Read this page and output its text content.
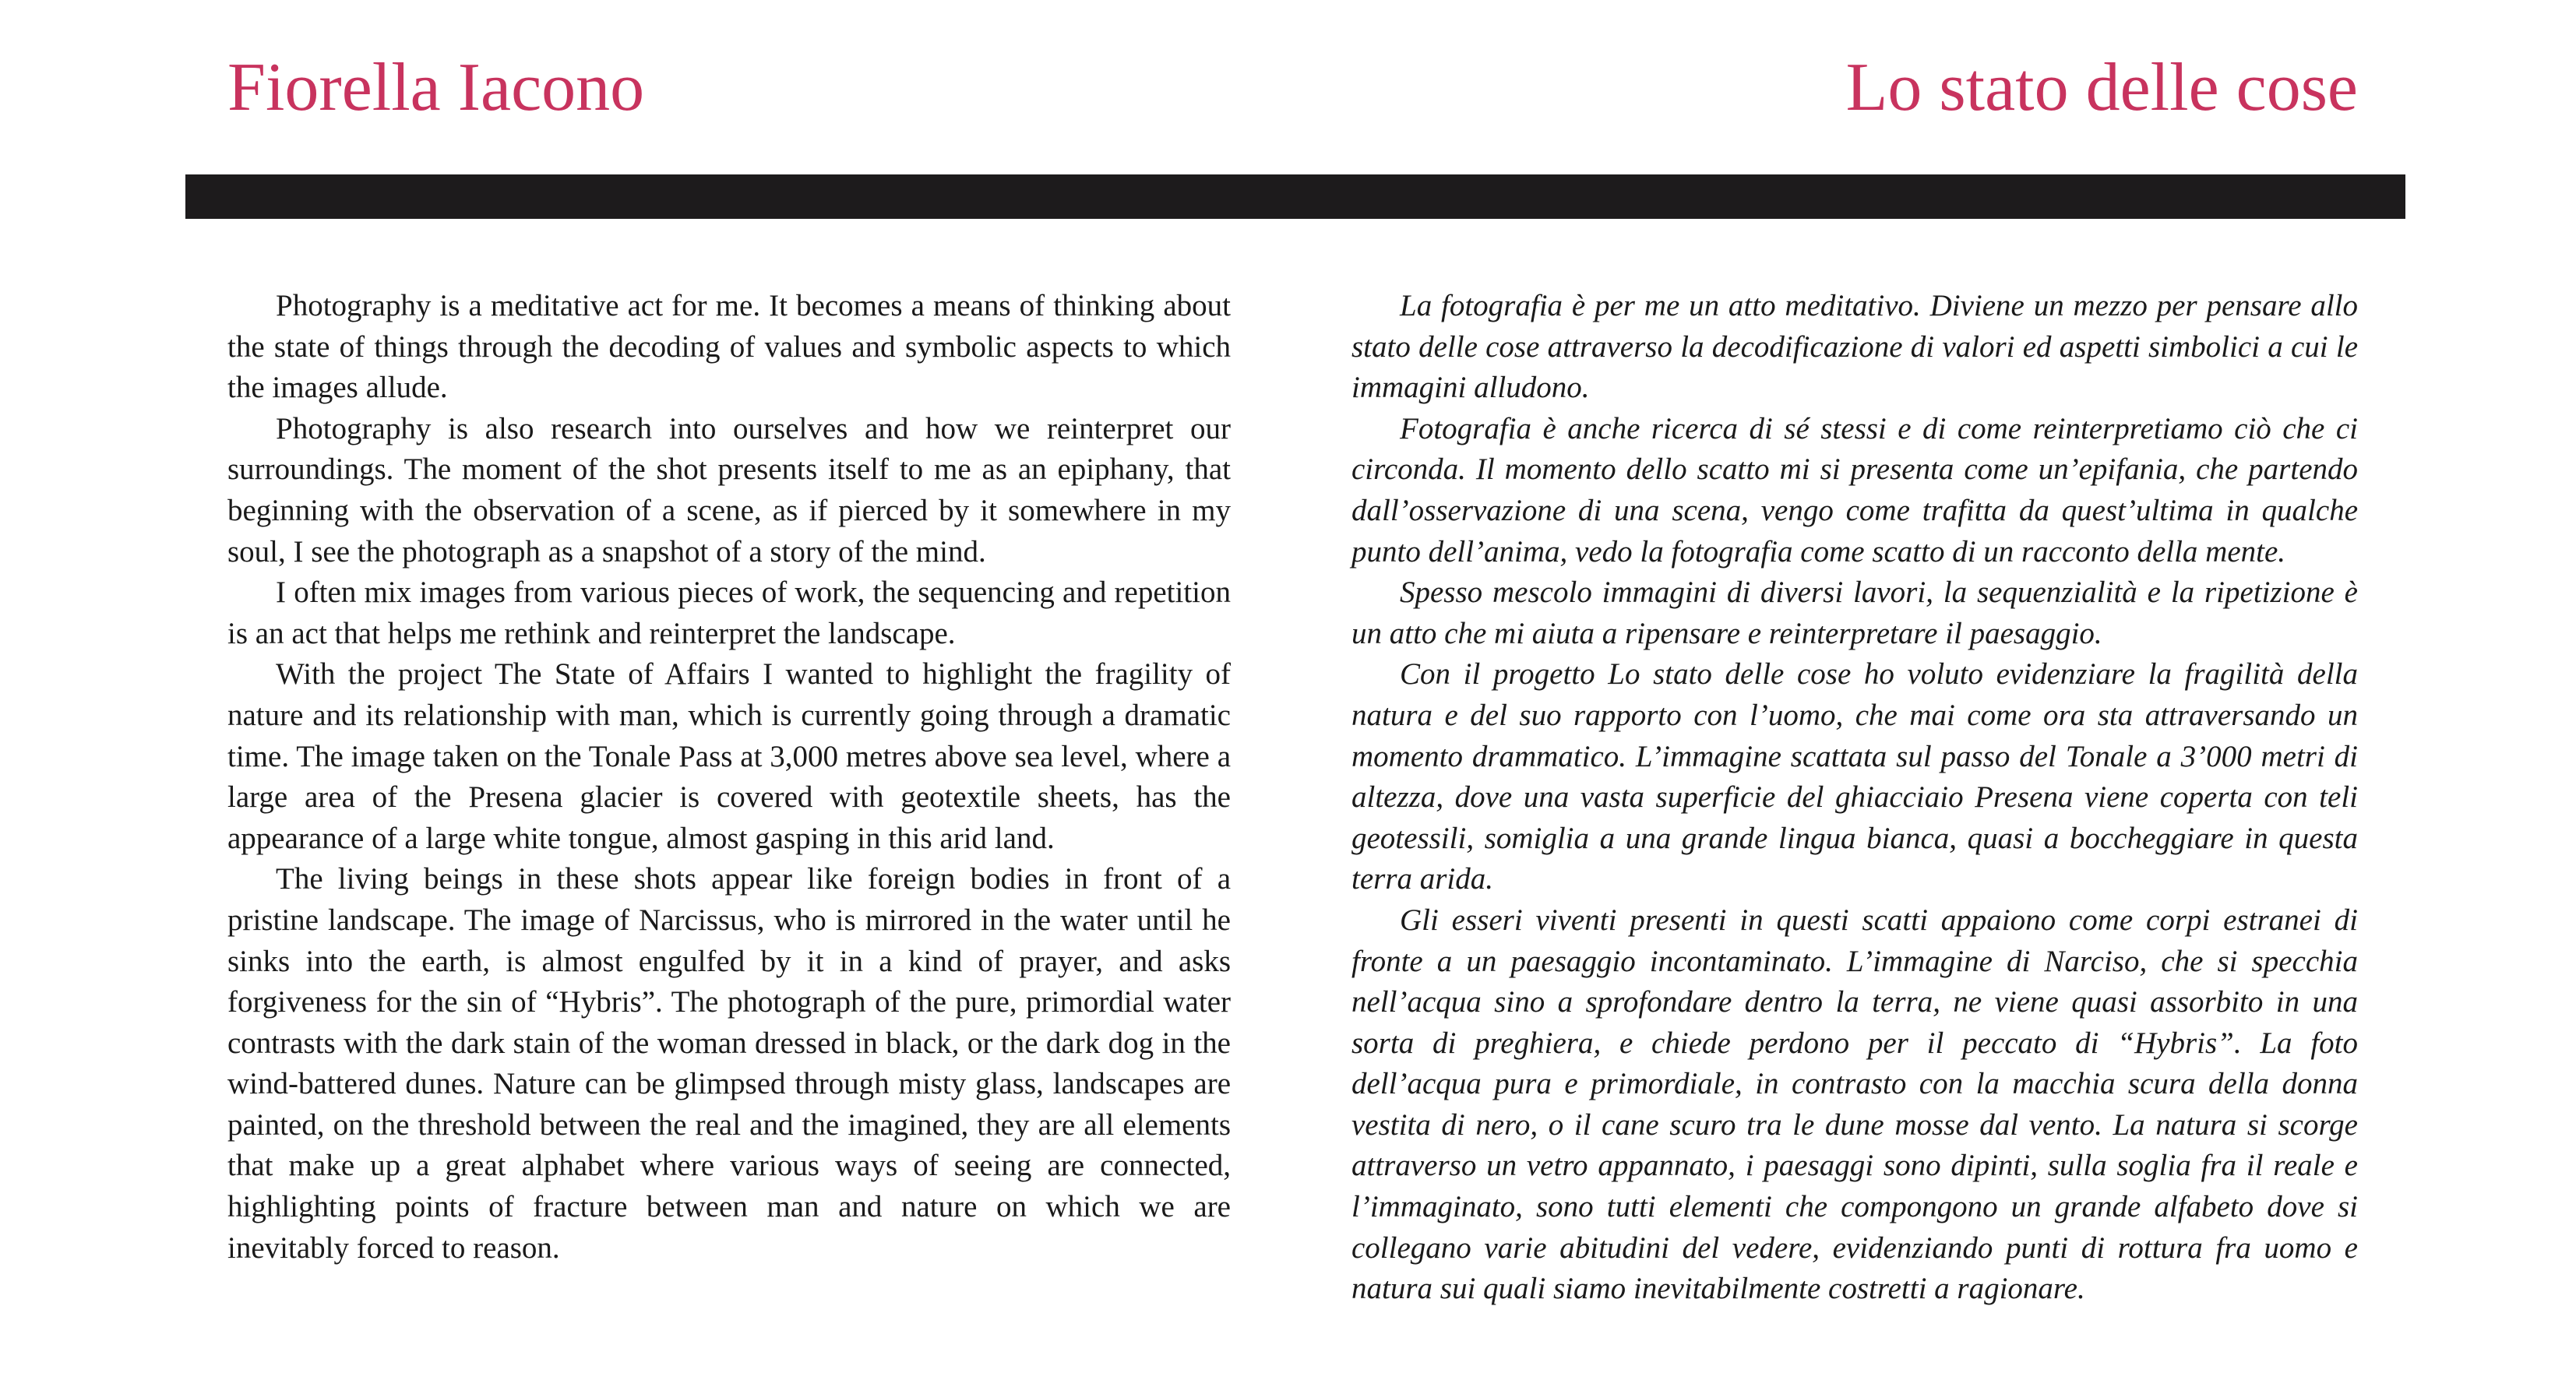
Fiorella Iacono	Lo stato delle cose

Photography is a meditative act for me. It becomes a means of thinking about the state of things through the decoding of values and symbolic aspects to which the images allude.

Photography is also research into ourselves and how we reinterpret our surroundings. The moment of the shot presents itself to me as an epiphany, that beginning with the observation of a scene, as if pierced by it somewhere in my soul, I see the photograph as a snapshot of a story of the mind.

I often mix images from various pieces of work, the sequencing and repetition is an act that helps me rethink and reinterpret the landscape.

With the project The State of Affairs I wanted to highlight the fragility of nature and its relationship with man, which is currently going through a dramatic time. The image taken on the Tonale Pass at 3,000 metres above sea level, where a large area of the Presena glacier is covered with geotextile sheets, has the appearance of a large white tongue, almost gasping in this arid land.

The living beings in these shots appear like foreign bodies in front of a pristine landscape. The image of Narcissus, who is mirrored in the water until he sinks into the earth, is almost engulfed by it in a kind of prayer, and asks forgiveness for the sin of “Hybris”. The photograph of the pure, primordial water contrasts with the dark stain of the woman dressed in black, or the dark dog in the wind-battered dunes. Nature can be glimpsed through misty glass, landscapes are painted, on the threshold between the real and the imagined, they are all elements that make up a great alphabet where various ways of seeing are connected, highlighting points of fracture between man and nature on which we are inevitably forced to reason.

La fotografia è per me un atto meditativo. Diviene un mezzo per pensare allo stato delle cose attraverso la decodificazione di valori ed aspetti simbolici a cui le immagini alludono.

Fotografia è anche ricerca di sé stessi e di come reinterpretiamo ciò che ci circonda. Il momento dello scatto mi si presenta come un’epifania, che partendo dall’osservazione di una scena, vengo come trafitta da quest’ultima in qualche punto dell’anima, vedo la fotografia come scatto di un racconto della mente.

Spesso mescolo immagini di diversi lavori, la sequenzialità e la ripetizione è un atto che mi aiuta a ripensare e reinterpretare il paesaggio.

Con il progetto Lo stato delle cose ho voluto evidenziare la fragilità della natura e del suo rapporto con l’uomo, che mai come ora sta attraversando un momento drammatico. L’immagine scattata sul passo del Tonale a 3’000 metri di altezza, dove una vasta superficie del ghiacciaio Presena viene coperta con teli geotessili, somiglia a una grande lingua bianca, quasi a boccheggiare in questa terra arida.

Gli esseri viventi presenti in questi scatti appaiono come corpi estranei di fronte a un paesaggio incontaminato. L’immagine di Narciso, che si specchia nell’acqua sino a sprofondare dentro la terra, ne viene quasi assorbito in una sorta di preghiera, e chiede perdono per il peccato di “Hybris”. La foto dell’acqua pura e primordiale, in contrasto con la macchia scura della donna vestita di nero, o il cane scuro tra le dune mosse dal vento. La natura si scorge attraverso un vetro appannato, i paesaggi sono dipinti, sulla soglia fra il reale e l’immaginato, sono tutti elementi che compongono un grande alfabeto dove si collegano varie abitudini del vedere, evidenziando punti di rottura fra uomo e natura sui quali siamo inevitabilmente costretti a ragionare.
